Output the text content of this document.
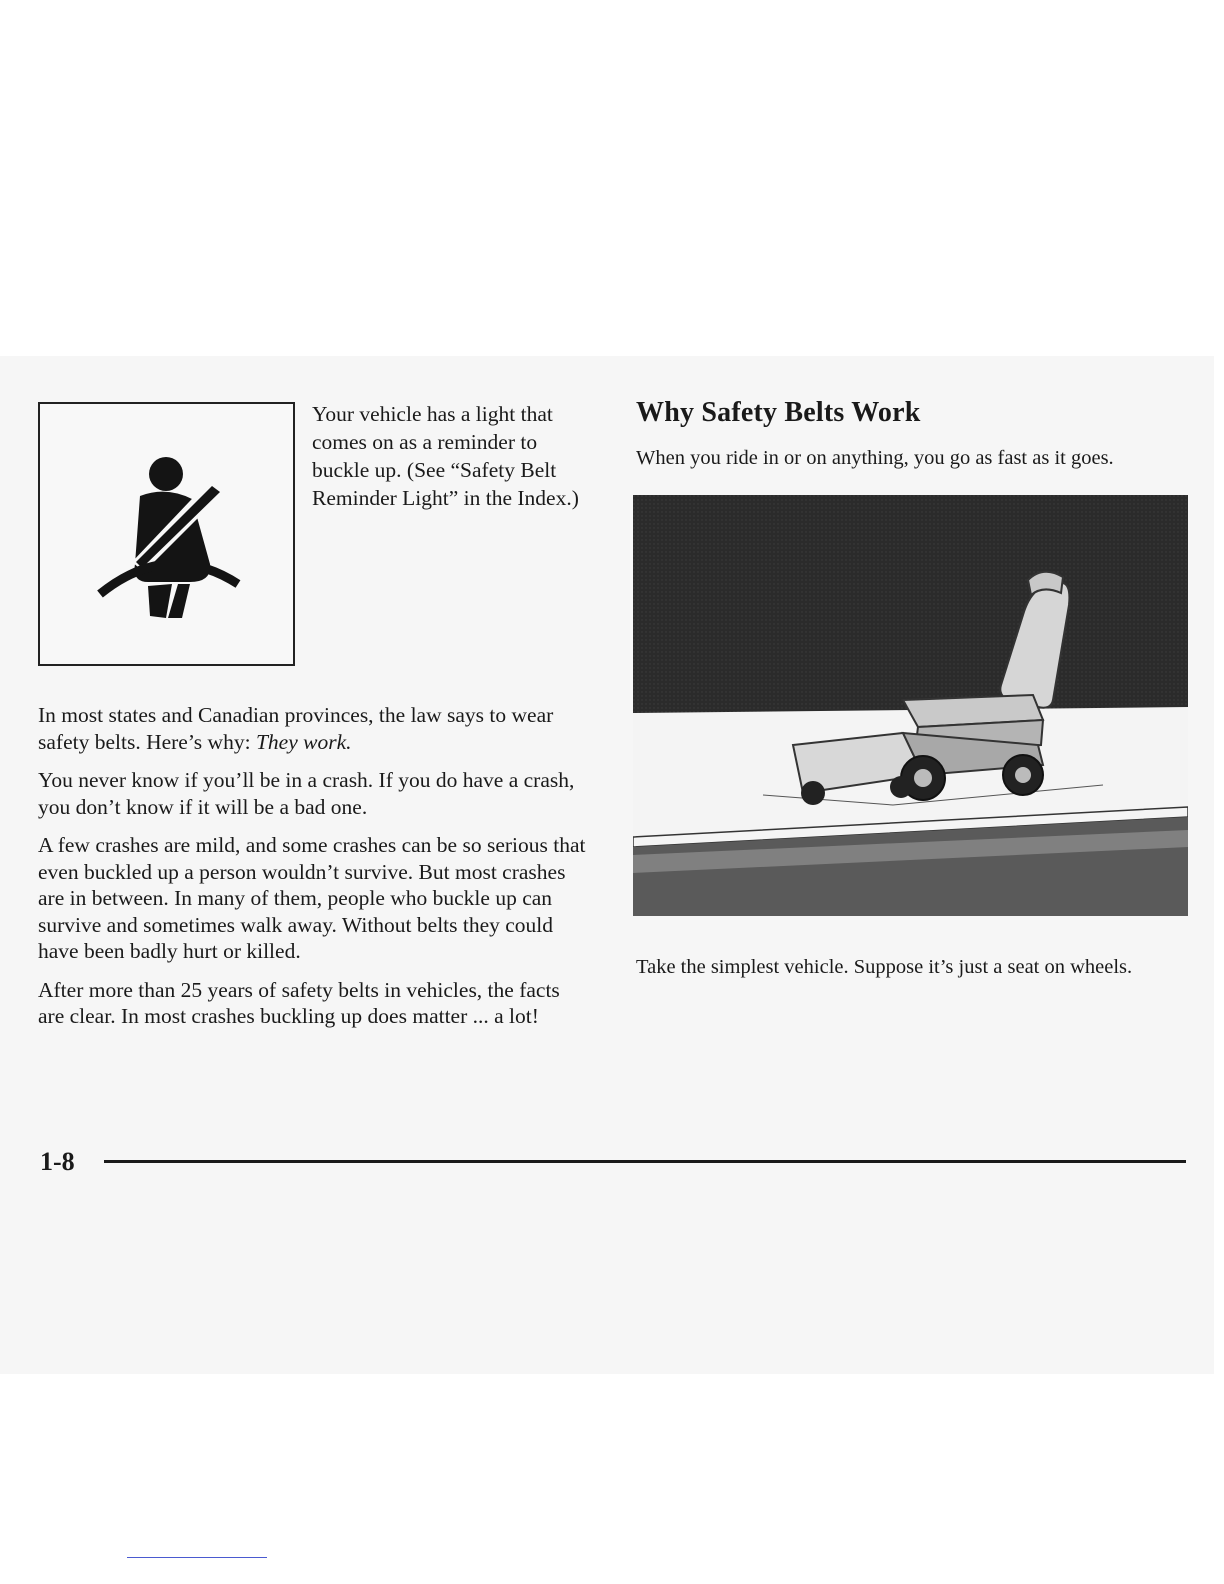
Your vehicle has a light that comes on as a reminder to buckle up. (See “Safety Belt Reminder Light” in the Index.)

In most states and Canadian provinces, the law says to wear safety belts. Here’s why: They work.

You never know if you’ll be in a crash. If you do have a crash, you don’t know if it will be a bad one.

A few crashes are mild, and some crashes can be so serious that even buckled up a person wouldn’t survive. But most crashes are in between. In many of them, people who buckle up can survive and sometimes walk away. Without belts they could have been badly hurt or killed.

After more than 25 years of safety belts in vehicles, the facts are clear. In most crashes buckling up does matter ... a lot!

Why Safety Belts Work

When you ride in or on anything, you go as fast as it goes.

Take the simplest vehicle. Suppose it’s just a seat on wheels.

1-8
